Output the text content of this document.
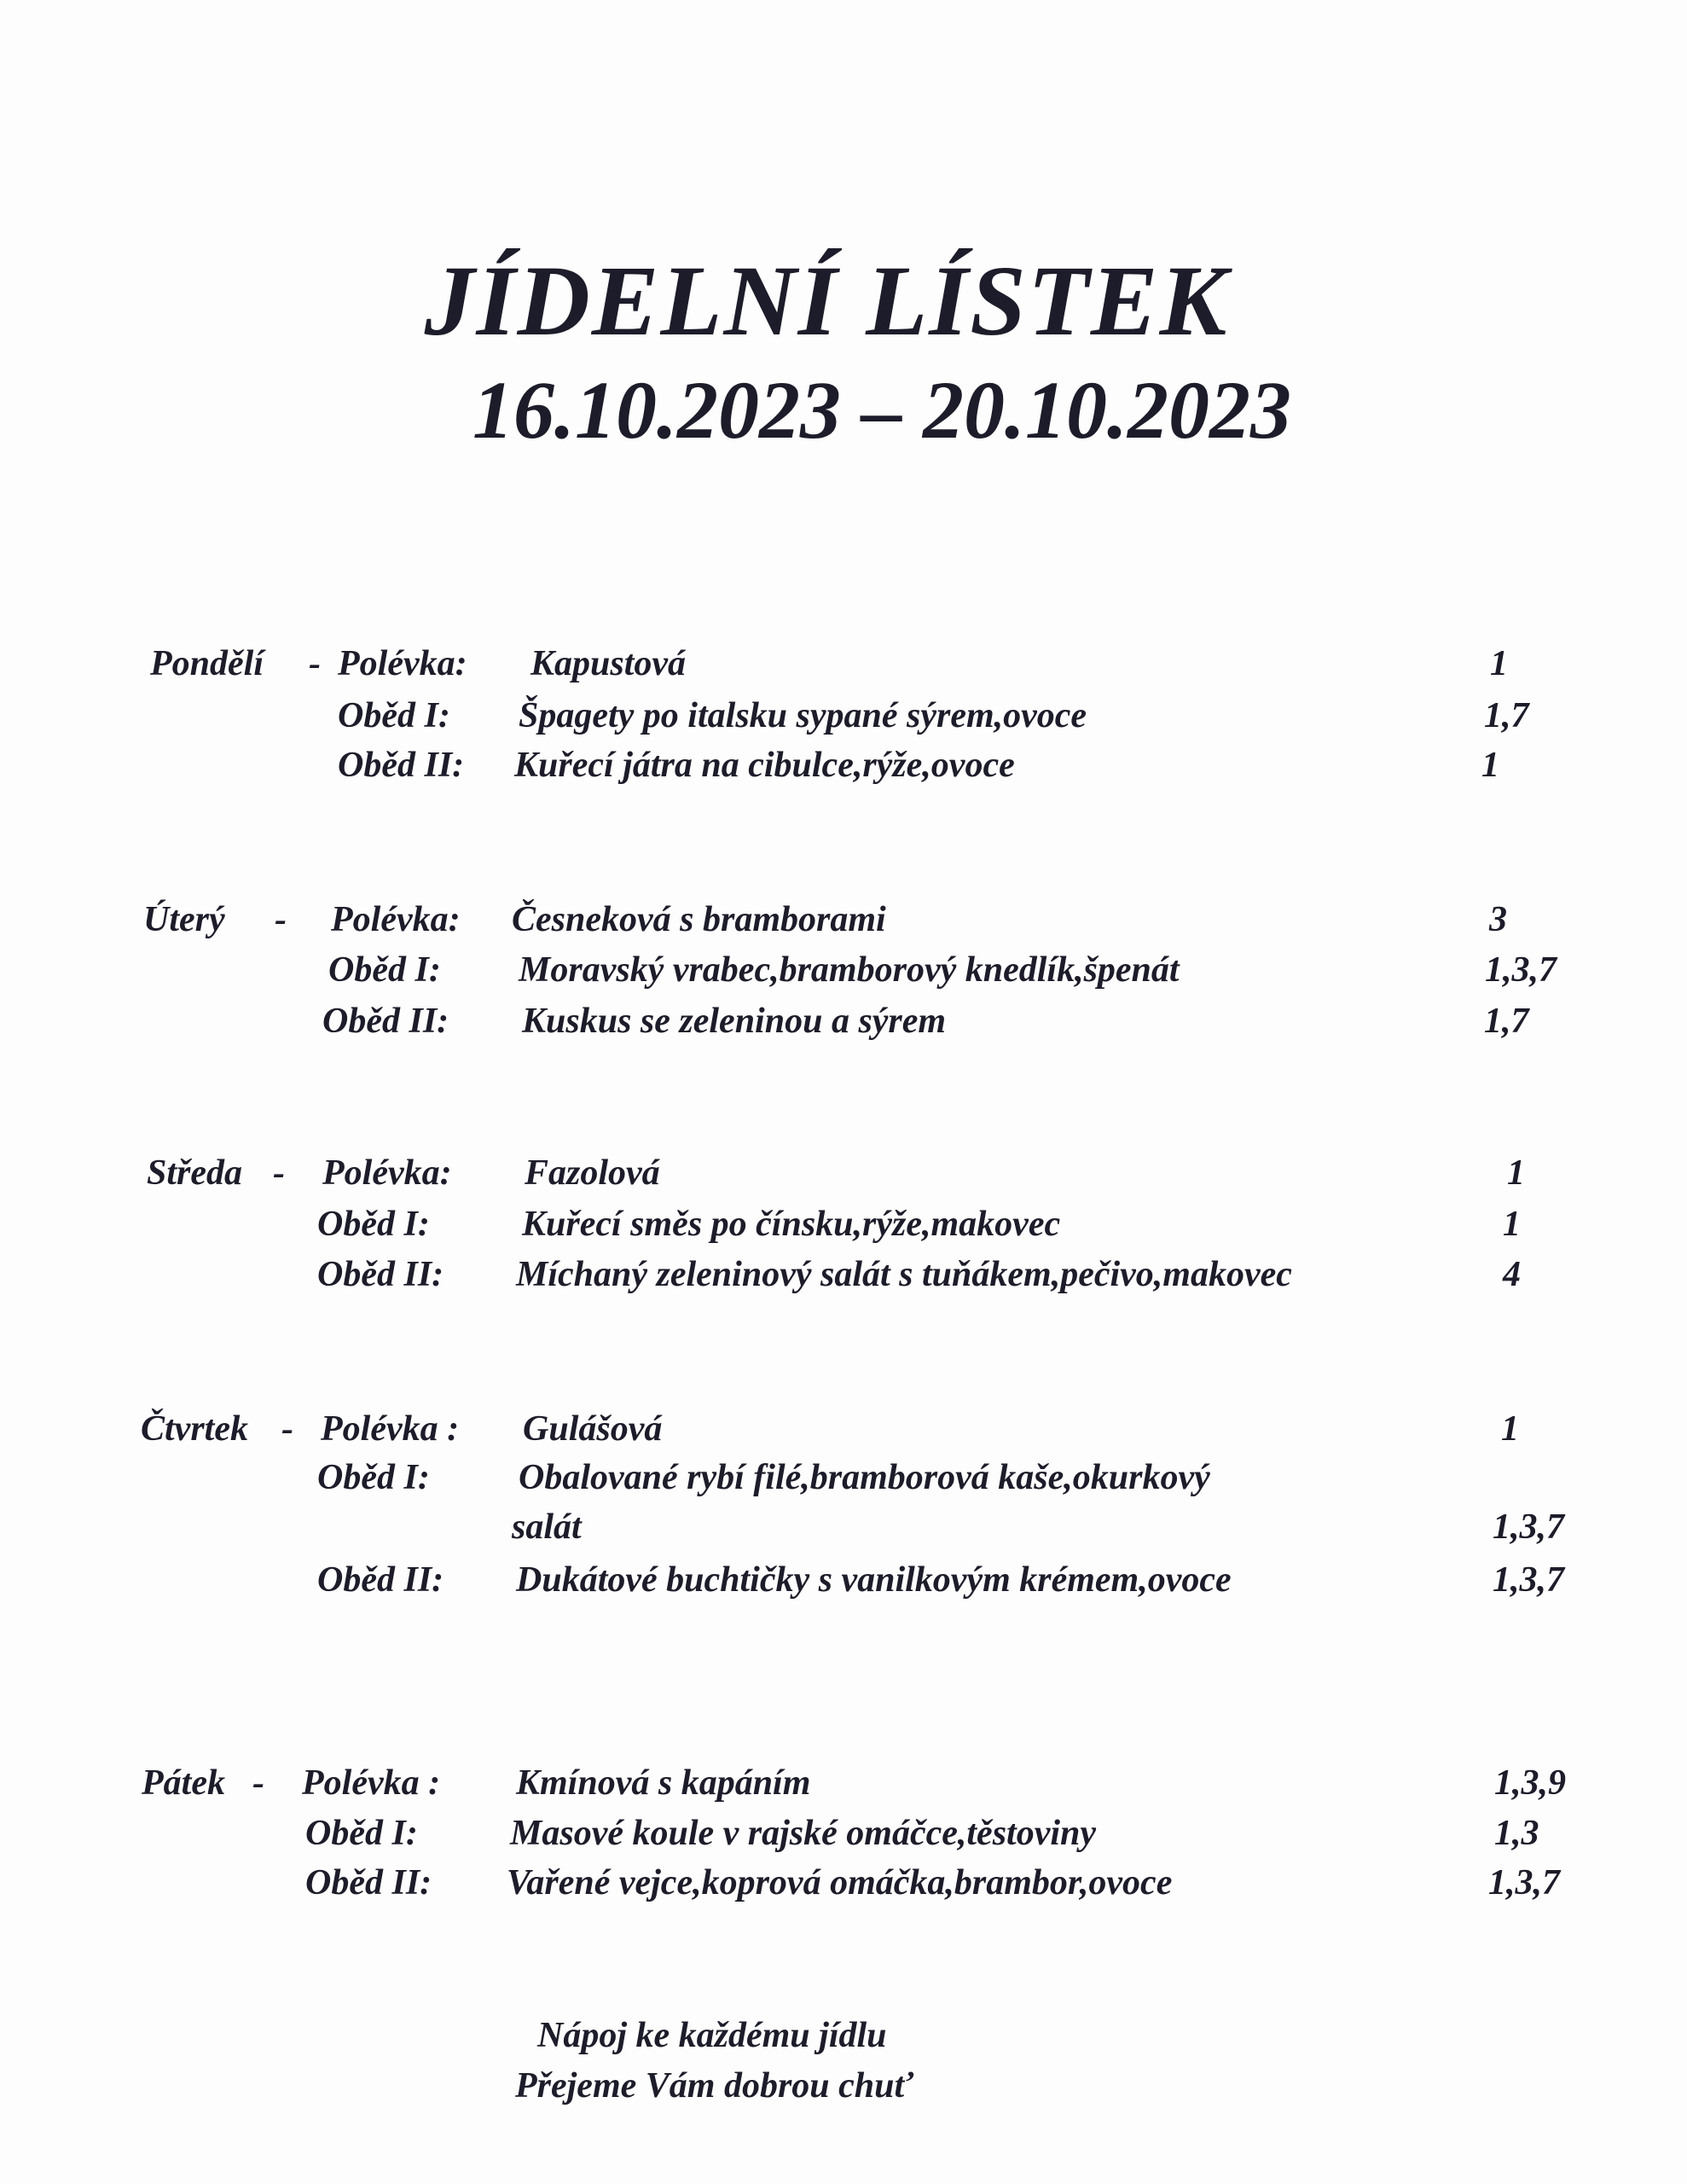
JÍDELNÍ LÍSTEK
16.10.2023 – 20.10.2023
Pondělí - Polévka: Kapustová	1
Oběd I: Špagety po italsku sypané sýrem,ovoce	1,7
Oběd II: Kuřecí játra na cibulce,rýže,ovoce	1
Úterý - Polévka: Česneková s bramborami	3
Oběd I: Moravský vrabec,bramborový knedlík,špenát	1,3,7
Oběd II: Kuskus se zeleninou a sýrem	1,7
Středa - Polévka: Fazolová	1
Oběd I:	Kuřecí směs po čínsku,rýže,makovec	1
Oběd II: Míchaný zeleninový salát s tuňákem,pečivo,makovec	4
Čtvrtek - Polévka : Gulášová	1
Oběd I: Obalované rybí filé,bramborová kaše,okurkový
salát	1,3,7
Oběd II: Dukátové buchtičky s vanilkovým krémem,ovoce	1,3,7
Pátek - Polévka : Kmínová s kapáním	1,3,9
Oběd I:	Masové koule v rajské omáčce,těstoviny	1,3
Oběd II: Vařené vejce,koprová omáčka,brambor,ovoce	1,3,7
Nápoj ke každému jídlu
Přejeme Vám dobrou chuť
